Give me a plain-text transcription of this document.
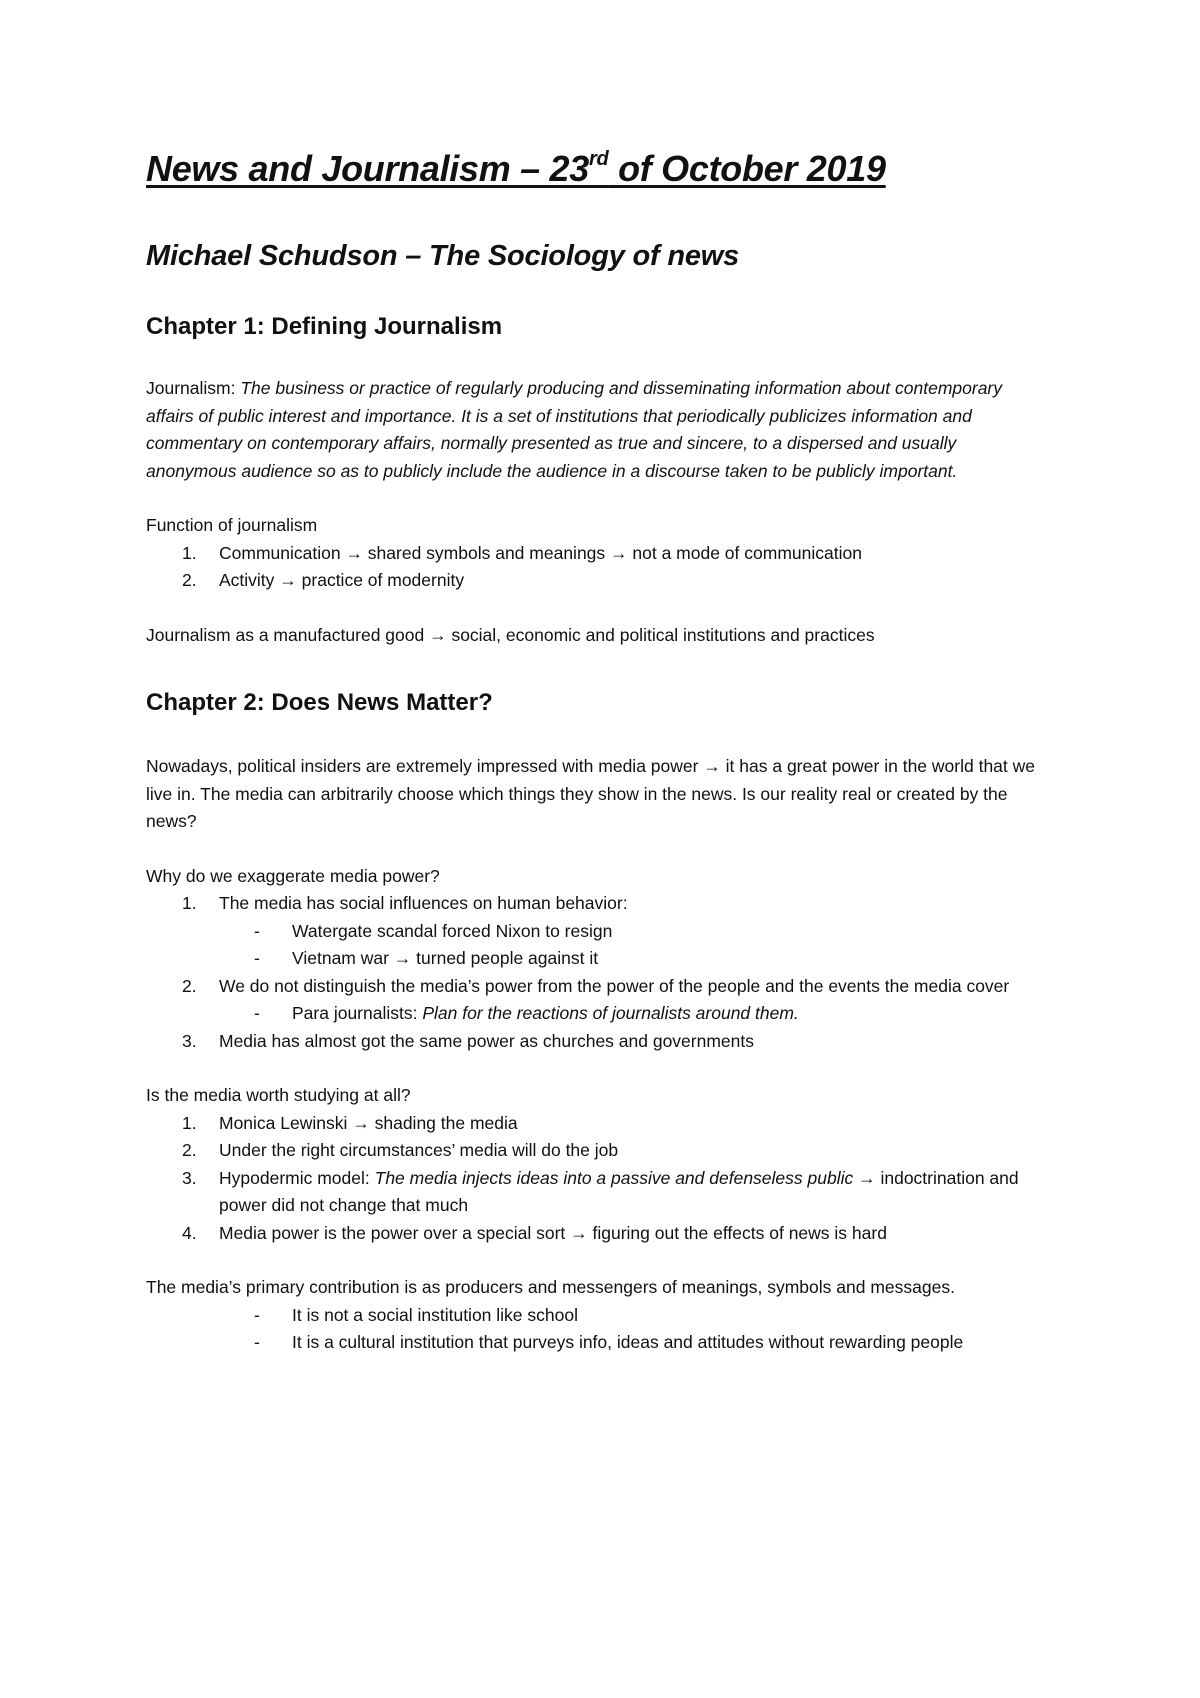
News and Journalism – 23rd of October 2019
Michael Schudson – The Sociology of news
Chapter 1: Defining Journalism

Journalism: The business or practice of regularly producing and disseminating information about contemporary affairs of public interest and importance. It is a set of institutions that periodically publicizes information and commentary on contemporary affairs, normally presented as true and sincere, to a dispersed and usually anonymous audience so as to publicly include the audience in a discourse taken to be publicly important.

Function of journalism

1. Communication → shared symbols and meanings → not a mode of communication
2. Activity → practice of modernity

Journalism as a manufactured good → social, economic and political institutions and practices

Chapter 2: Does News Matter?

Nowadays, political insiders are extremely impressed with media power → it has a great power in the world that we live in. The media can arbitrarily choose which things they show in the news. Is our reality real or created by the news?

Why do we exaggerate media power?

1. The media has social influences on human behavior:
- Watergate scandal forced Nixon to resign
- Vietnam war → turned people against it
2. We do not distinguish the media’s power from the power of the people and the events the media cover
- Para journalists: Plan for the reactions of journalists around them.
3. Media has almost got the same power as churches and governments

Is the media worth studying at all?

1. Monica Lewinski → shading the media
2. Under the right circumstances’ media will do the job
3. Hypodermic model: The media injects ideas into a passive and defenseless public → indoctrination and power did not change that much
4. Media power is the power over a special sort → figuring out the effects of news is hard

The media’s primary contribution is as producers and messengers of meanings, symbols and messages.

- It is not a social institution like school
- It is a cultural institution that purveys info, ideas and attitudes without rewarding people
